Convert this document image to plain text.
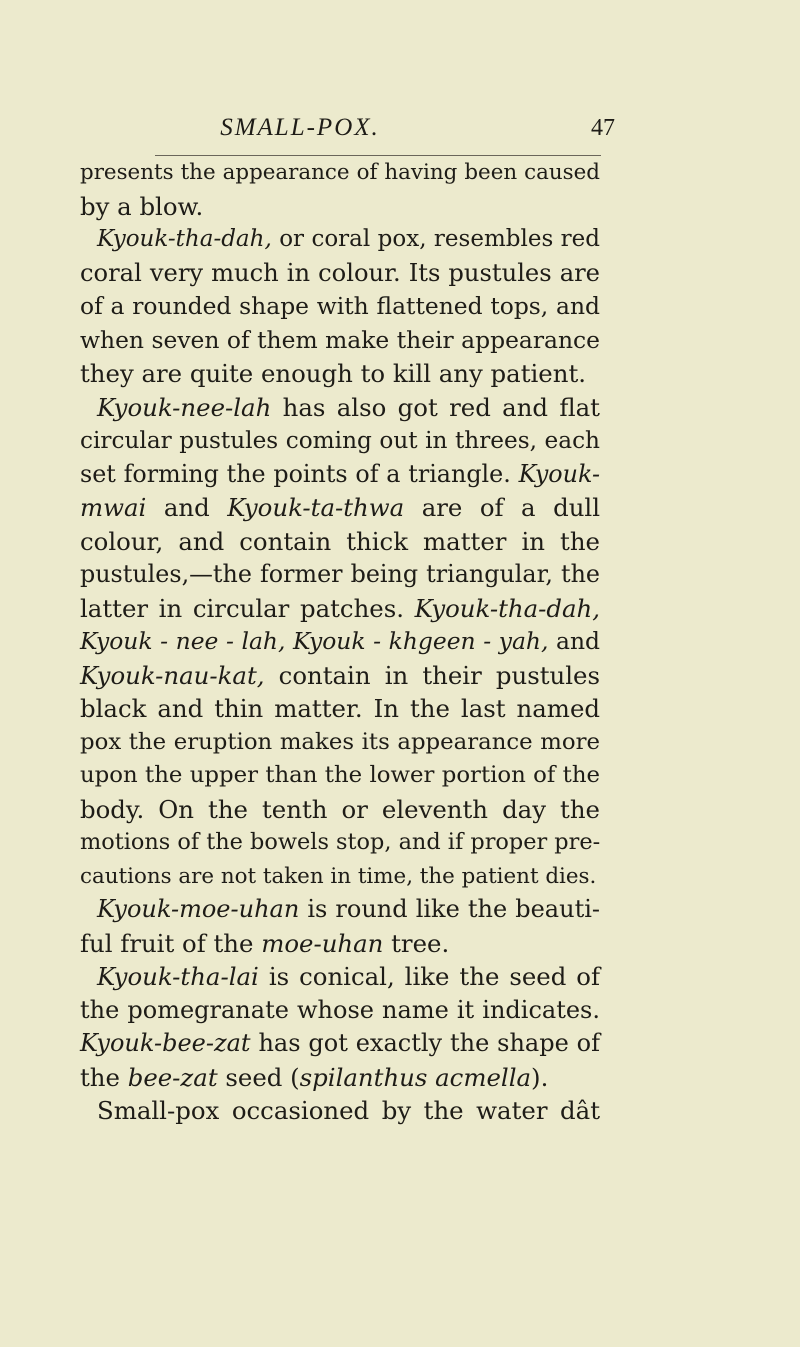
SMALL-POX.	47
presents the appearance of having been caused
by a blow.
Kyouk-tha-dah, or coral pox, resembles red
coral very much in colour. Its pustules are
of a rounded shape with flattened tops, and
when seven of them make their appearance
they are quite enough to kill any patient.
Kyouk-nee-lah has also got red and flat
circular pustules coming out in threes, each
set forming the points of a triangle. Kyouk-
mwai and Kyouk-ta-thwa are of a dull
colour, and contain thick matter in the
pustules,—the former being triangular, the
latter in circular patches. Kyouk-tha-dah,
Kyouk - nee - lah, Kyouk - khgeen - yah, and
Kyouk-nau-kat, contain in their pustules
black and thin matter. In the last named
pox the eruption makes its appearance more
upon the upper than the lower portion of the
body. On the tenth or eleventh day the
motions of the bowels stop, and if proper pre-
cautions are not taken in time, the patient dies.
Kyouk-moe-uhan is round like the beauti-
ful fruit of the moe-uhan tree.
Kyouk-tha-lai is conical, like the seed of
the pomegranate whose name it indicates.
Kyouk-bee-zat has got exactly the shape of
the bee-zat seed (spilanthus acmella).
Small-pox occasioned by the water dât
